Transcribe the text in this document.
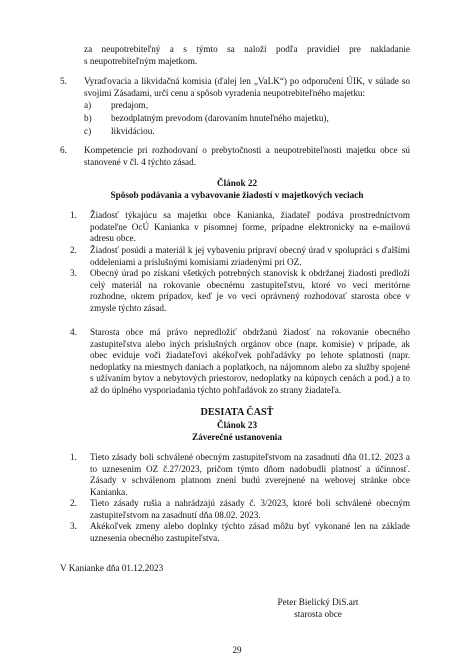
za neupotrebiteľný a s týmto sa naloží podľa pravidiel pre nakladanie
s neupotrebiteľným majetkom.
5. Vyraďovacia a likvidačná komisia (ďalej len „VaLK“) po odporučení ÚIK, v súlade so svojimi Zásadami, určí cenu a spôsob vyradenia neupotrebiteľného majetku:
a) predajom,
b) bezodplatným prevodom (darovaním hnuteľného majetku),
c) likvidáciou.
6. Kompetencie pri rozhodovaní o prebytočnosti a neupotrebiteľnosti majetku obce sú stanovené v čl. 4 týchto zásad.
Článok 22
Spôsob podávania a vybavovanie žiadostí v majetkových veciach
1. Žiadosť týkajúcu sa majetku obce Kanianka, žiadateľ podáva prostredníctvom podateľne OcÚ Kanianka v písomnej forme, prípadne elektronicky na e-mailovú adresu obce.
2. Žiadosť posúdi a materiál k jej vybaveniu pripraví obecný úrad v spolupráci s ďalšími oddeleniami a príslušnými komisiami zriadenými pri OZ.
3. Obecný úrad po získaní všetkých potrebných stanovísk k obdržanej žiadosti predloží celý materiál na rokovanie obecnému zastupiteľstvu, ktoré vo veci meritórne rozhodne, okrem prípadov, keď je vo veci oprávnený rozhodovať starosta obce v zmysle týchto zásad.
4. Starosta obce má právo nepredložiť obdržanú žiadosť na rokovanie obecného zastupiteľstva alebo iných príslušných orgánov obce (napr. komisie) v prípade, ak obec eviduje voči žiadateľovi akékoľvek pohľadávky po lehote splatnosti (napr. nedoplatky na miestnych daniach a poplatkoch, na nájomnom alebo za služby spojené s užívaním bytov a nebytových priestorov, nedoplatky na kúpnych cenách a pod.) a to až do úplného vysporiadania týchto pohľadávok zo strany žiadateľa.
DESIATA ČASŤ
Článok 23
Záverečné ustanovenia
1. Tieto zásady boli schválené obecným zastupiteľstvom na zasadnutí dňa 01.12. 2023 a to uznesením OZ č.27/2023, pričom týmto dňom nadobudli platnosť a účinnosť. Zásady v schválenom platnom znení budú zverejnené na webovej stránke obce Kanianka.
2. Tieto zásady rušia a nahrádzajú zásady č. 3/2023, ktoré boli schválené obecným zastupiteľstvom na zasadnutí dňa 08.02. 2023.
3. Akékoľvek zmeny alebo doplnky týchto zásad môžu byť vykonané len na základe uznesenia obecného zastupiteľstva.
V Kanianke dňa 01.12.2023
Peter Bielický DiS.art
starosta obce
29
